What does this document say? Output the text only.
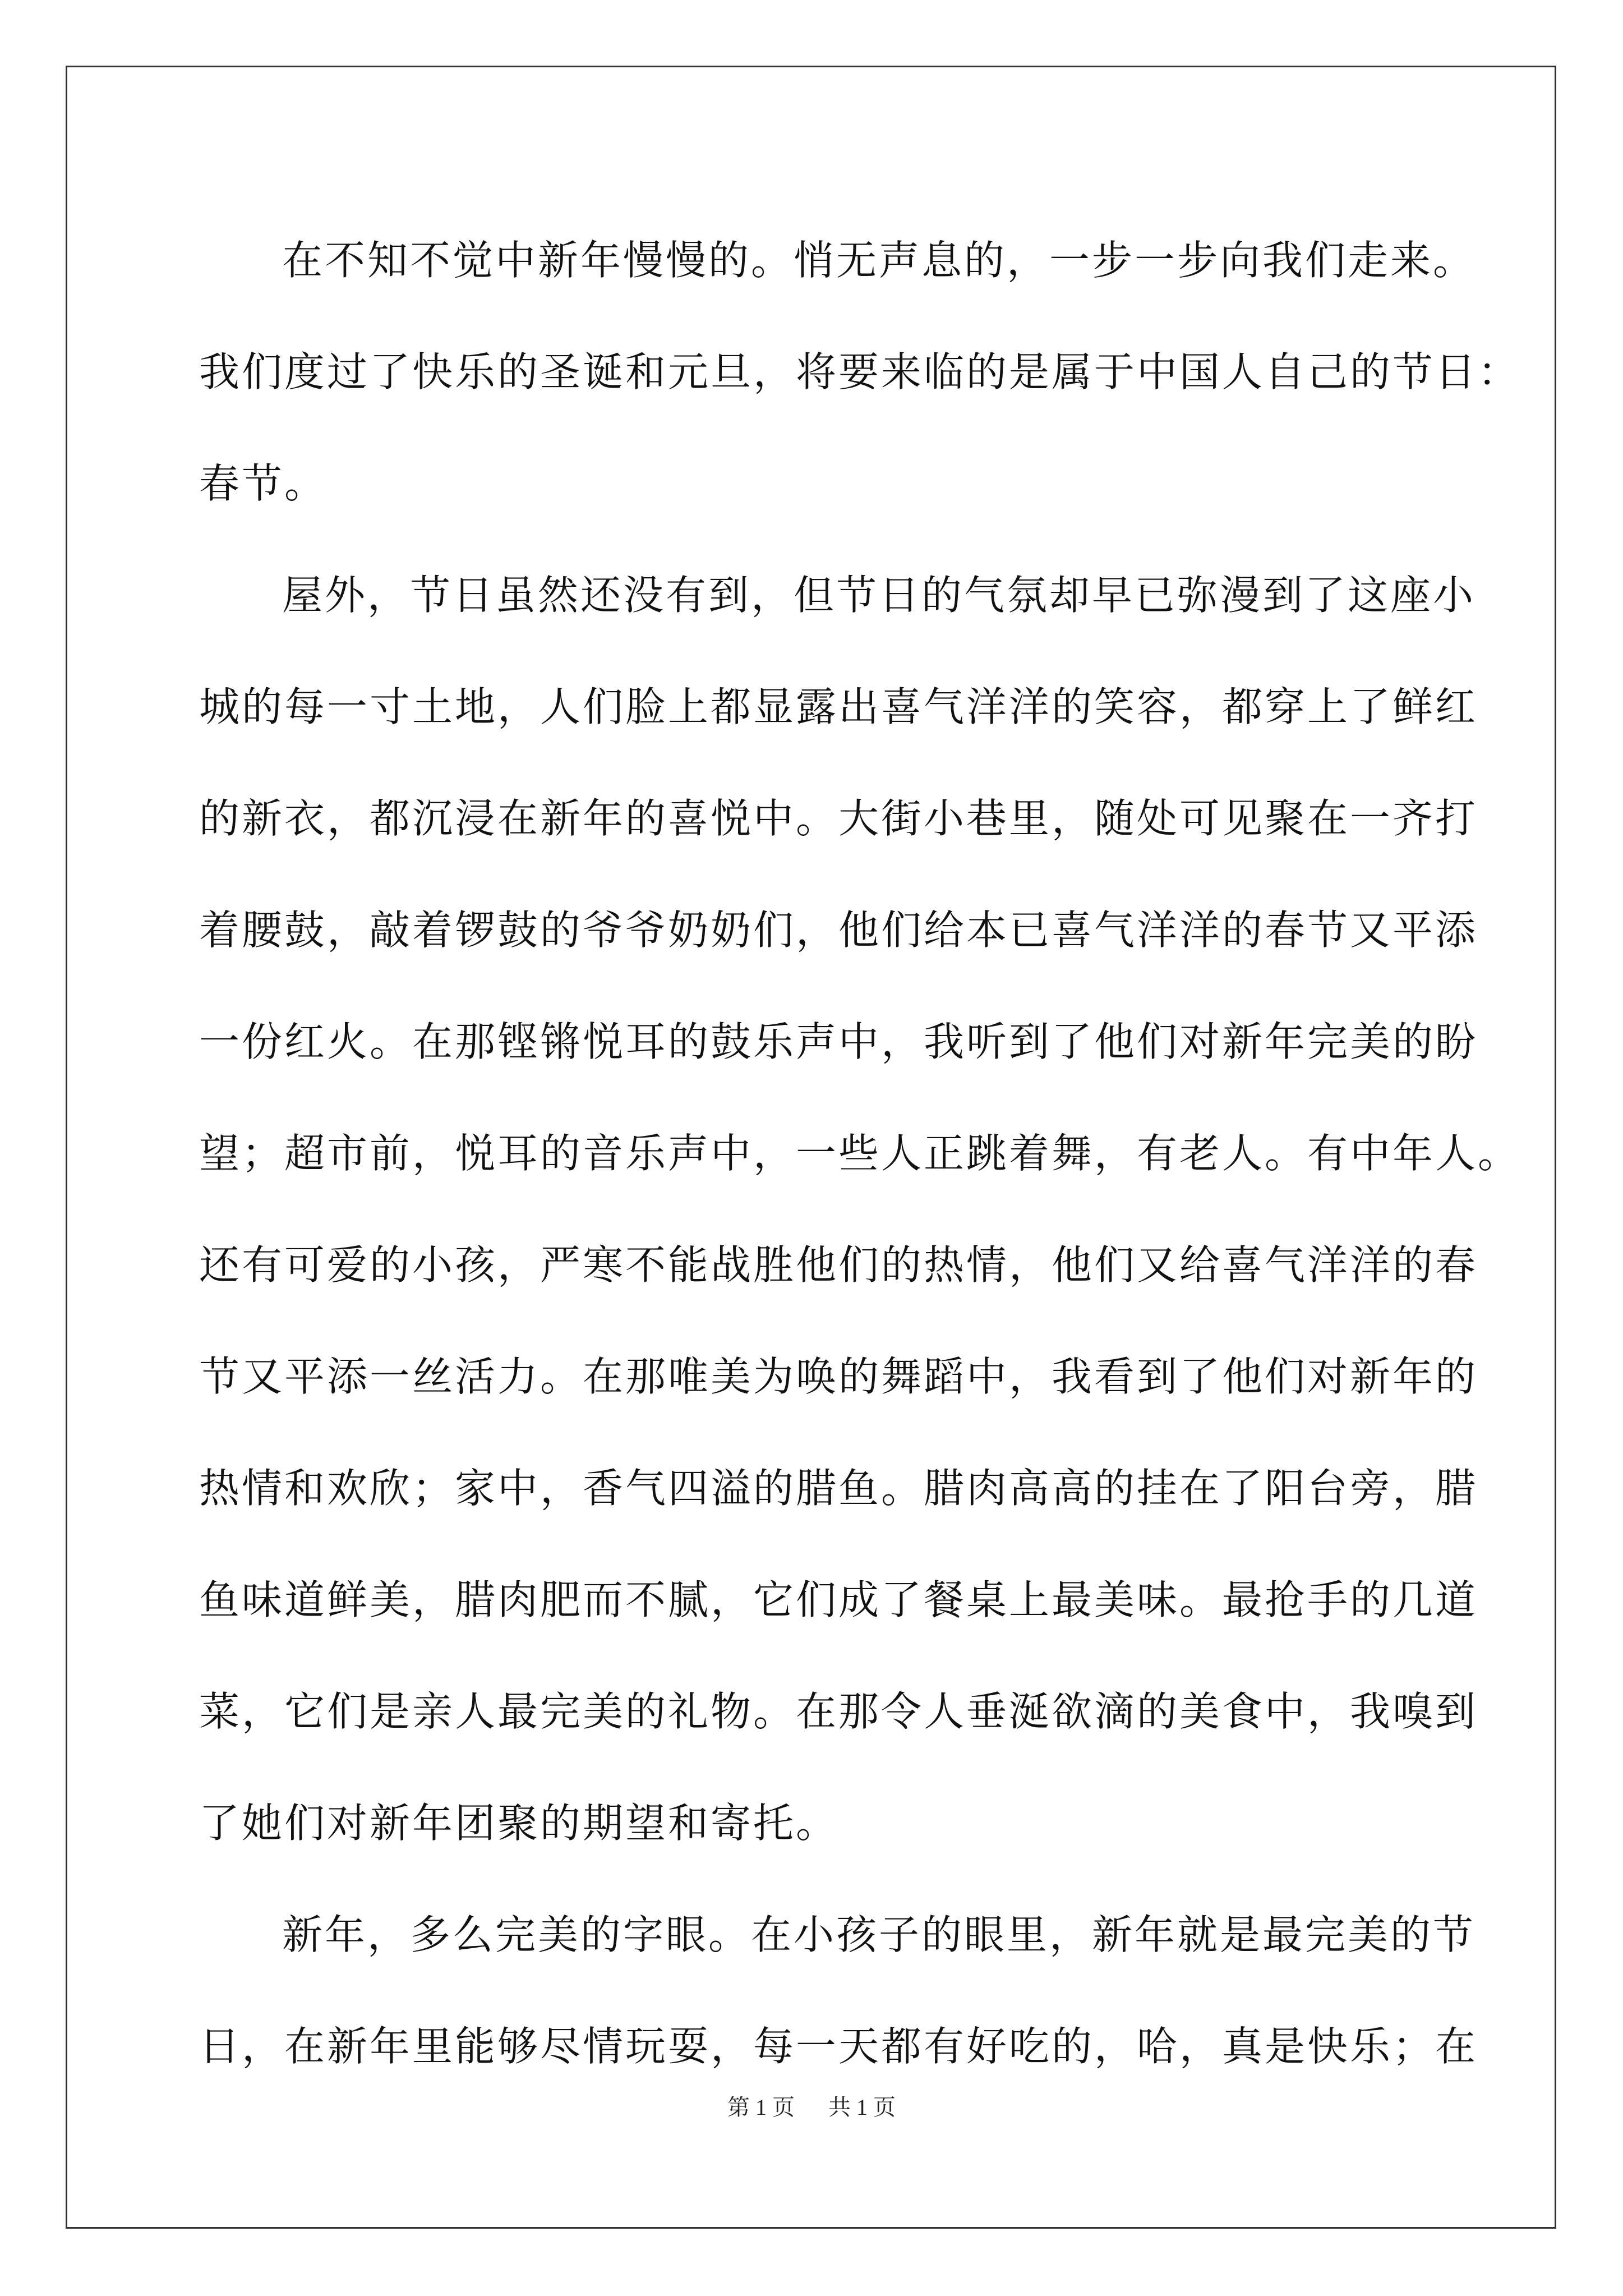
在不知不觉中新年慢慢的。悄无声息的，一步一步向我们走来。
我们度过了快乐的圣诞和元旦，将要来临的是属于中国人自己的节日：
春节。
屋外，节日虽然还没有到，但节日的气氛却早已弥漫到了这座小
城的每一寸土地，人们脸上都显露出喜气洋洋的笑容，都穿上了鲜红
的新衣，都沉浸在新年的喜悦中。大街小巷里，随处可见聚在一齐打
着腰鼓，敲着锣鼓的爷爷奶奶们，他们给本已喜气洋洋的春节又平添
一份红火。在那铿锵悦耳的鼓乐声中，我听到了他们对新年完美的盼
望；超市前，悦耳的音乐声中，一些人正跳着舞，有老人。有中年人。
还有可爱的小孩，严寒不能战胜他们的热情，他们又给喜气洋洋的春
节又平添一丝活力。在那唯美为唤的舞蹈中，我看到了他们对新年的
热情和欢欣；家中，香气四溢的腊鱼。腊肉高高的挂在了阳台旁，腊
鱼味道鲜美，腊肉肥而不腻，它们成了餐桌上最美味。最抢手的几道
菜，它们是亲人最完美的礼物。在那令人垂涎欲滴的美食中，我嗅到
了她们对新年团聚的期望和寄托。
新年，多么完美的字眼。在小孩子的眼里，新年就是最完美的节
日，在新年里能够尽情玩耍，每一天都有好吃的，哈，真是快乐；在
第 1 页 共 1 页
